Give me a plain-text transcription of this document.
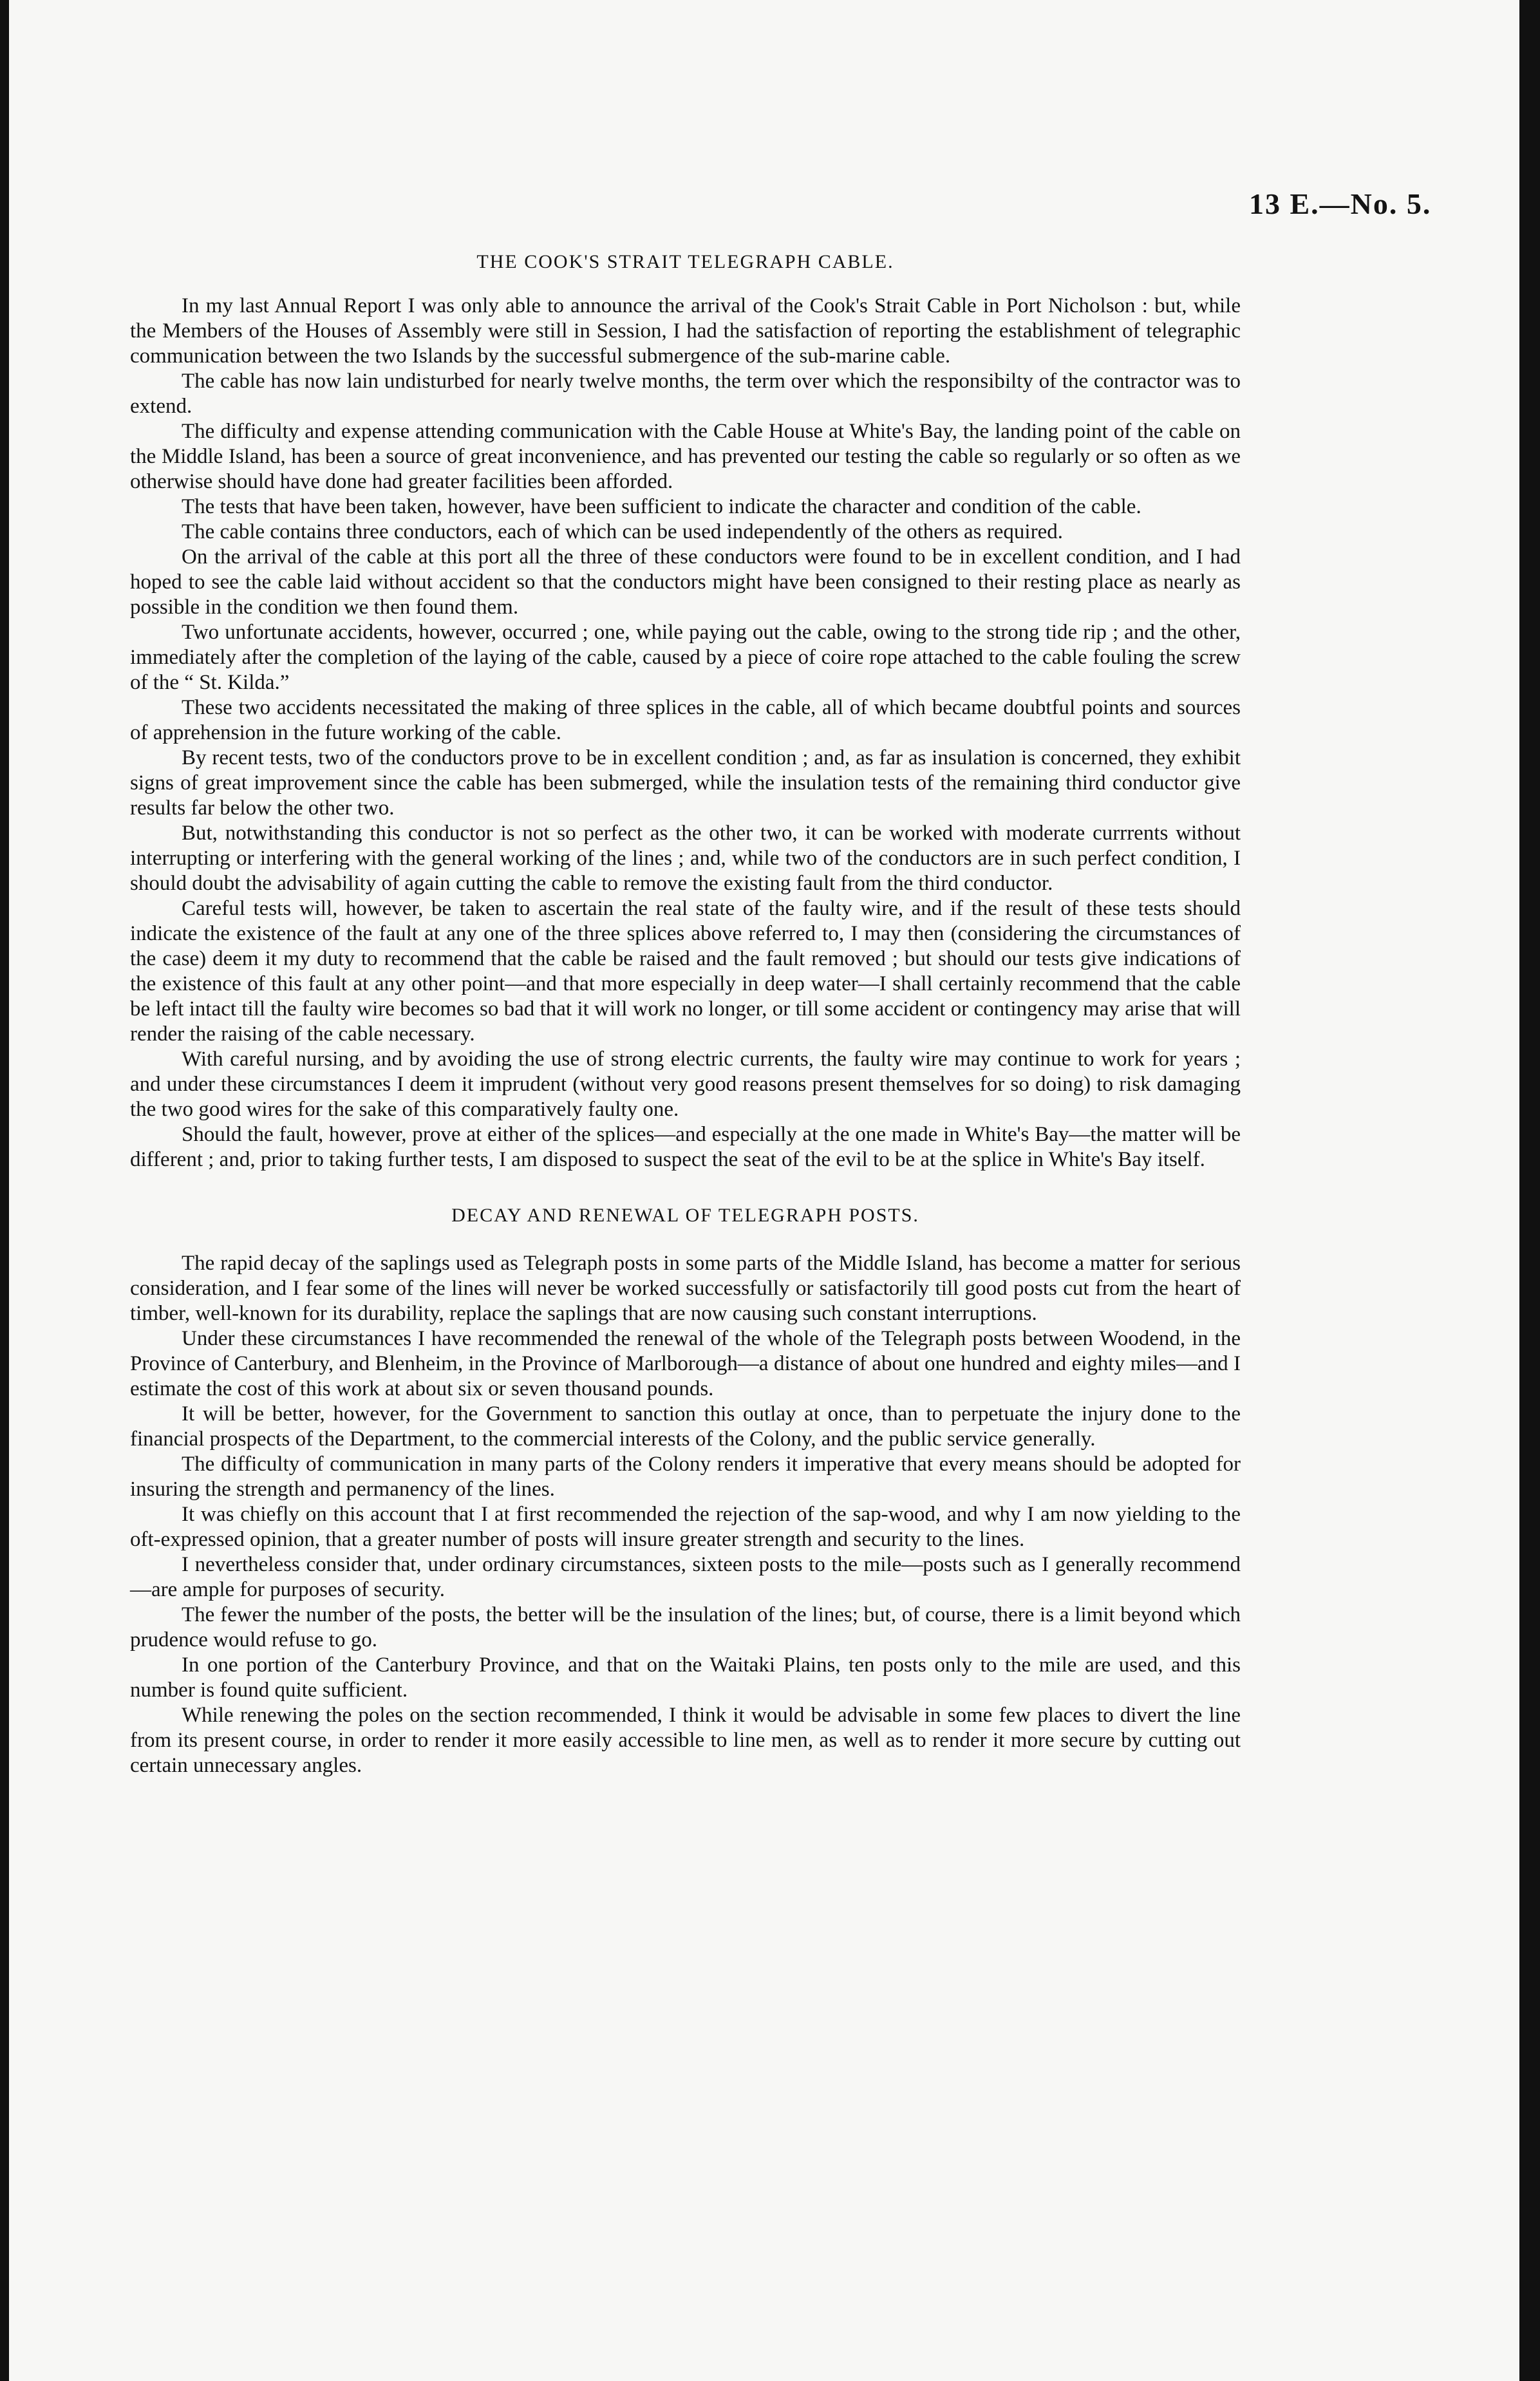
13 E.—No. 5.
THE COOK'S STRAIT TELEGRAPH CABLE.

In my last Annual Report I was only able to announce the arrival of the Cook's Strait Cable in Port Nicholson : but, while the Members of the Houses of Assembly were still in Session, I had the satisfaction of reporting the establishment of telegraphic communication between the two Islands by the successful submergence of the sub-marine cable.

The cable has now lain undisturbed for nearly twelve months, the term over which the responsibilty of the contractor was to extend.

The difficulty and expense attending communication with the Cable House at White's Bay, the landing point of the cable on the Middle Island, has been a source of great inconvenience, and has prevented our testing the cable so regularly or so often as we otherwise should have done had greater facilities been afforded.

The tests that have been taken, however, have been sufficient to indicate the character and condition of the cable.

The cable contains three conductors, each of which can be used independently of the others as required.

On the arrival of the cable at this port all the three of these conductors were found to be in excellent condition, and I had hoped to see the cable laid without accident so that the conductors might have been consigned to their resting place as nearly as possible in the condition we then found them.

Two unfortunate accidents, however, occurred ; one, while paying out the cable, owing to the strong tide rip ; and the other, immediately after the completion of the laying of the cable, caused by a piece of coire rope attached to the cable fouling the screw of the “ St. Kilda.”

These two accidents necessitated the making of three splices in the cable, all of which became doubtful points and sources of apprehension in the future working of the cable.

By recent tests, two of the conductors prove to be in excellent condition ; and, as far as insulation is concerned, they exhibit signs of great improvement since the cable has been submerged, while the insulation tests of the remaining third conductor give results far below the other two.

But, notwithstanding this conductor is not so perfect as the other two, it can be worked with moderate currrents without interrupting or interfering with the general working of the lines ; and, while two of the conductors are in such perfect condition, I should doubt the advisability of again cutting the cable to remove the existing fault from the third conductor.

Careful tests will, however, be taken to ascertain the real state of the faulty wire, and if the result of these tests should indicate the existence of the fault at any one of the three splices above referred to, I may then (considering the circumstances of the case) deem it my duty to recommend that the cable be raised and the fault removed ; but should our tests give indications of the existence of this fault at any other point—and that more especially in deep water—I shall certainly recommend that the cable be left intact till the faulty wire becomes so bad that it will work no longer, or till some accident or contingency may arise that will render the raising of the cable necessary.

With careful nursing, and by avoiding the use of strong electric currents, the faulty wire may continue to work for years ; and under these circumstances I deem it imprudent (without very good reasons present themselves for so doing) to risk damaging the two good wires for the sake of this comparatively faulty one.

Should the fault, however, prove at either of the splices—and especially at the one made in White's Bay—the matter will be different ; and, prior to taking further tests, I am disposed to suspect the seat of the evil to be at the splice in White's Bay itself.

DECAY AND RENEWAL OF TELEGRAPH POSTS.

The rapid decay of the saplings used as Telegraph posts in some parts of the Middle Island, has become a matter for serious consideration, and I fear some of the lines will never be worked successfully or satisfactorily till good posts cut from the heart of timber, well-known for its durability, replace the saplings that are now causing such constant interruptions.

Under these circumstances I have recommended the renewal of the whole of the Telegraph posts between Woodend, in the Province of Canterbury, and Blenheim, in the Province of Marlborough—a distance of about one hundred and eighty miles—and I estimate the cost of this work at about six or seven thousand pounds.

It will be better, however, for the Government to sanction this outlay at once, than to perpetuate the injury done to the financial prospects of the Department, to the commercial interests of the Colony, and the public service generally.

The difficulty of communication in many parts of the Colony renders it imperative that every means should be adopted for insuring the strength and permanency of the lines.

It was chiefly on this account that I at first recommended the rejection of the sap-wood, and why I am now yielding to the oft-expressed opinion, that a greater number of posts will insure greater strength and security to the lines.

I nevertheless consider that, under ordinary circumstances, sixteen posts to the mile—posts such as I generally recommend—are ample for purposes of security.

The fewer the number of the posts, the better will be the insulation of the lines; but, of course, there is a limit beyond which prudence would refuse to go.

In one portion of the Canterbury Province, and that on the Waitaki Plains, ten posts only to the mile are used, and this number is found quite sufficient.

While renewing the poles on the section recommended, I think it would be advisable in some few places to divert the line from its present course, in order to render it more easily accessible to line men, as well as to render it more secure by cutting out certain unnecessary angles.
